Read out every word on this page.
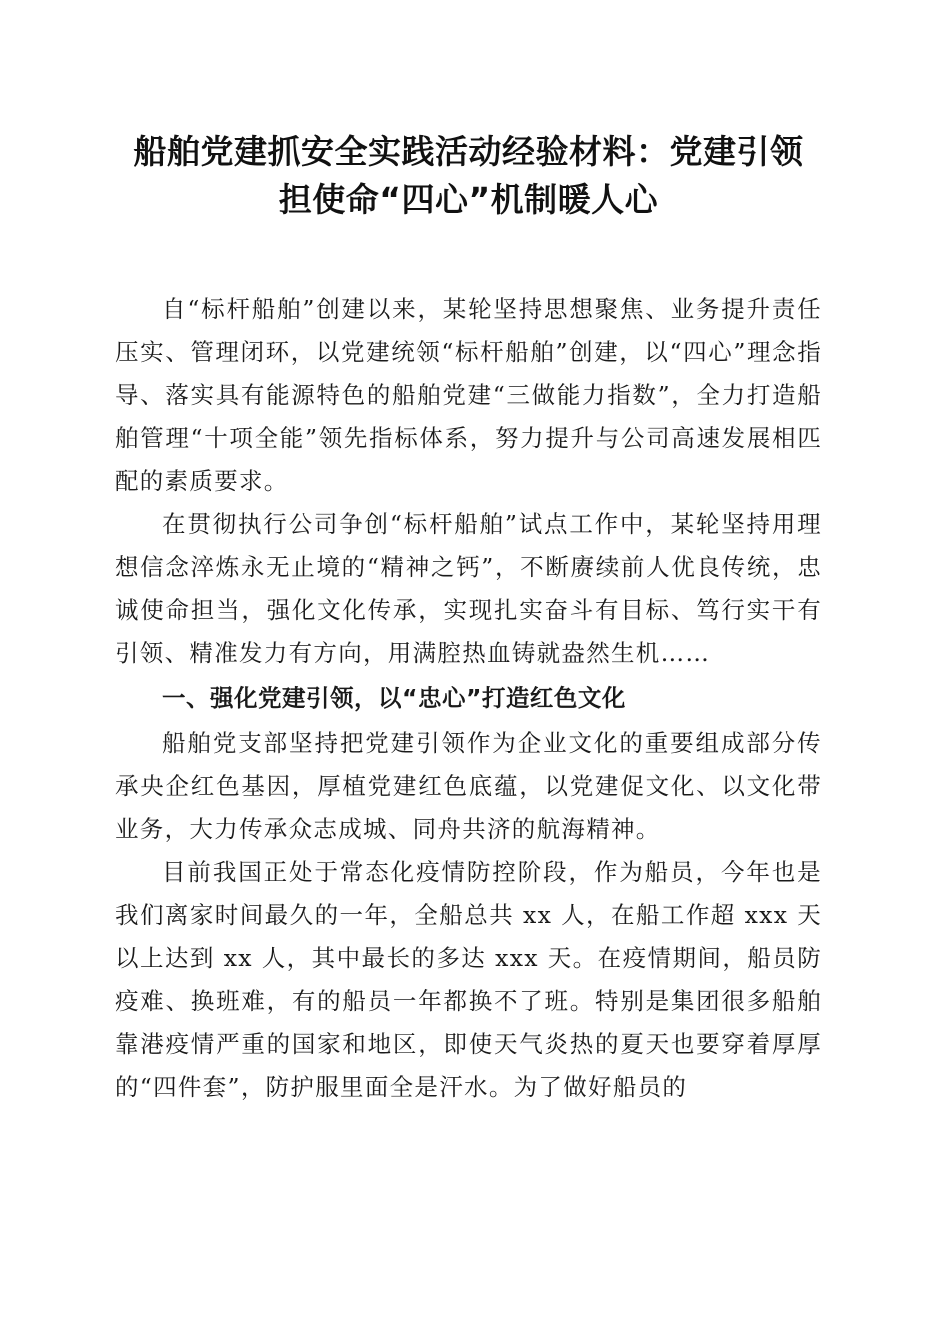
船舶党建抓安全实践活动经验材料：党建引领
担使命“四心”机制暖人心

自“标杆船舶”创建以来，某轮坚持思想聚焦、业务提升责任压实、管理闭环，以党建统领“标杆船舶”创建，以“四心”理念指导、落实具有能源特色的船舶党建“三做能力指数”，全力打造船舶管理“十项全能”领先指标体系，努力提升与公司高速发展相匹配的素质要求。

在贯彻执行公司争创“标杆船舶”试点工作中，某轮坚持用理想信念淬炼永无止境的“精神之钙”，不断赓续前人优良传统，忠诚使命担当，强化文化传承，实现扎实奋斗有目标、笃行实干有引领、精准发力有方向，用满腔热血铸就盎然生机……

一、强化党建引领，以“忠心”打造红色文化

船舶党支部坚持把党建引领作为企业文化的重要组成部分传承央企红色基因，厚植党建红色底蕴，以党建促文化、以文化带业务，大力传承众志成城、同舟共济的航海精神。

目前我国正处于常态化疫情防控阶段，作为船员，今年也是我们离家时间最久的一年，全船总共 xx 人，在船工作超 xxx 天以上达到 xx 人，其中最长的多达 xxx 天。在疫情期间，船员防疫难、换班难，有的船员一年都换不了班。特别是集团很多船舶靠港疫情严重的国家和地区，即使天气炎热的夏天也要穿着厚厚的“四件套”，防护服里面全是汗水。为了做好船员的
